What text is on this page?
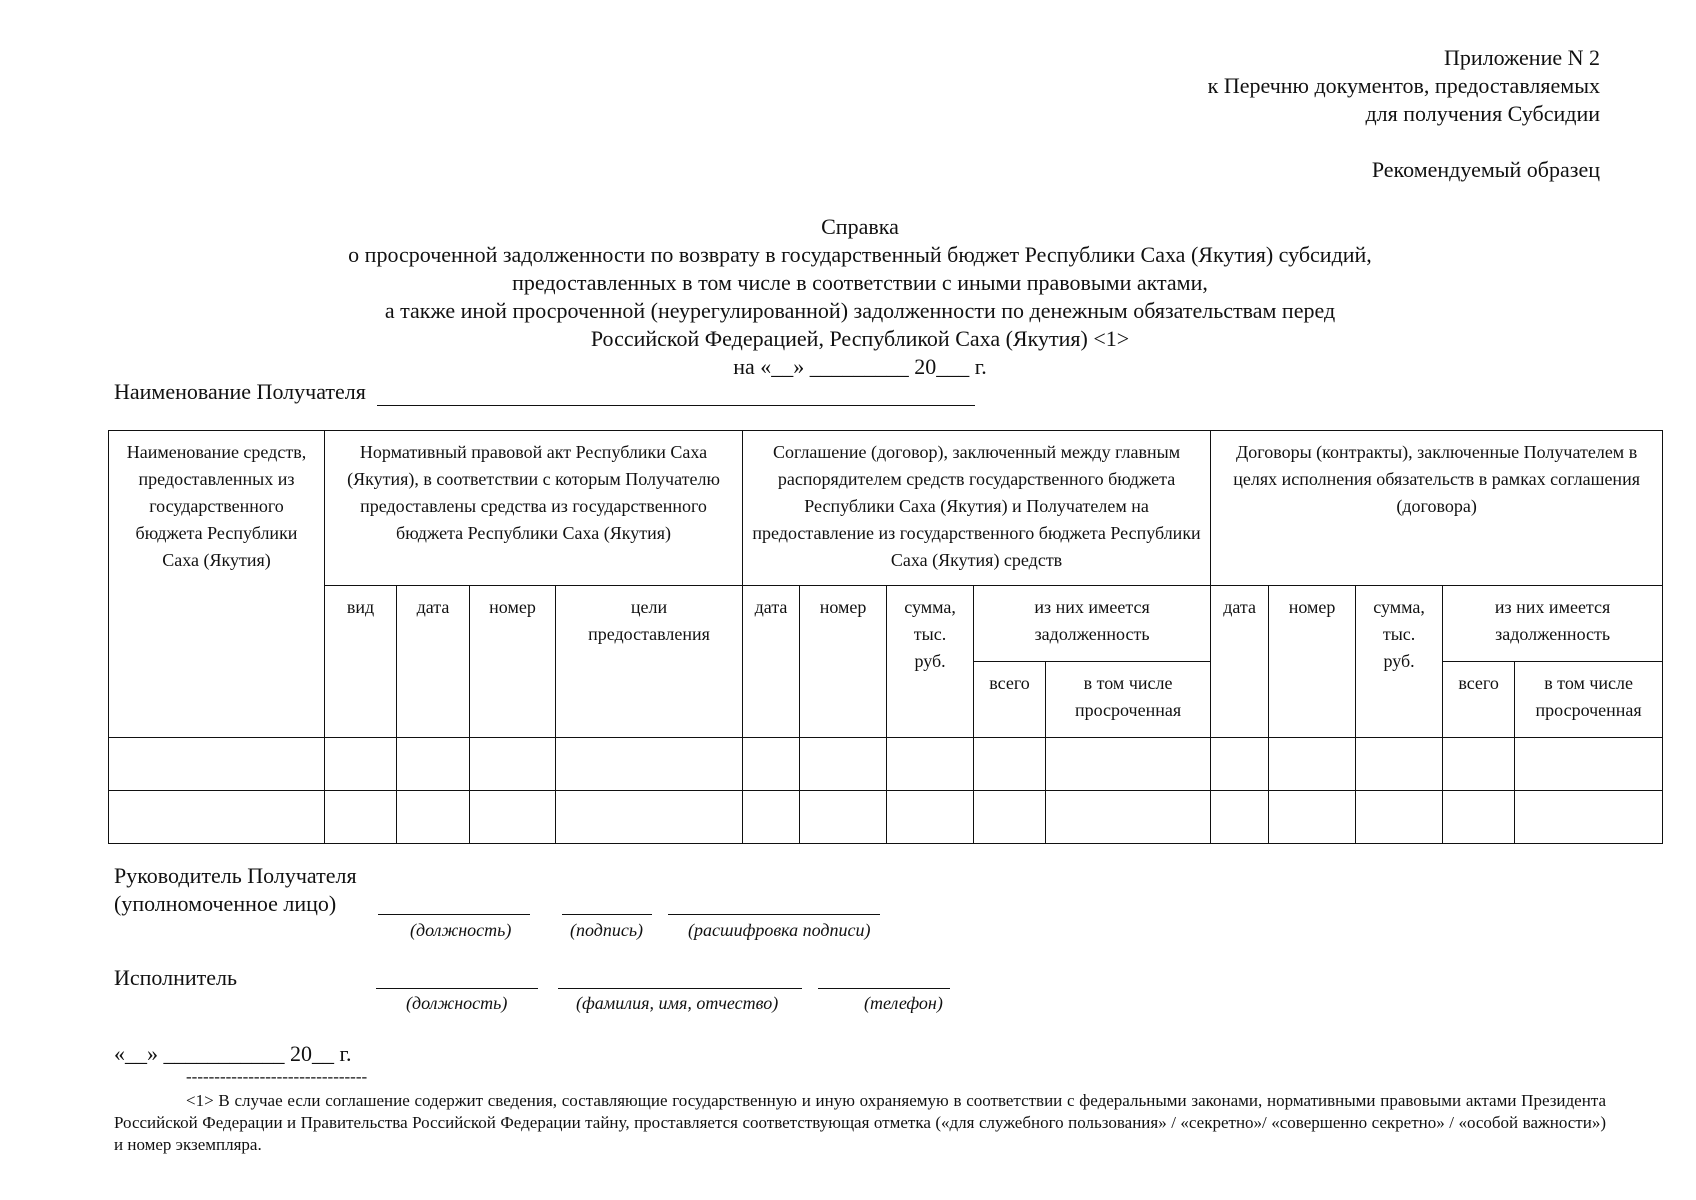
Приложение N 2
к Перечню документов, предоставляемых
для получения Субсидии
Рекомендуемый образец
Справка
о просроченной задолженности по возврату в государственный бюджет Республики Саха (Якутия) субсидий,
предоставленных в том числе в соответствии с иными правовыми актами,
а также иной просроченной (неурегулированной) задолженности по денежным обязательствам перед
Российской Федерацией, Республикой Саха (Якутия) <1>
на «__» _________ 20___ г.
Наименование Получателя
Наименование средств, предоставленных из государственного бюджета Республики Саха (Якутия)	Нормативный правовой акт Республики Саха (Якутия), в соответствии с которым Получателю предоставлены средства из государственного бюджета Республики Саха (Якутия)				Соглашение (договор), заключенный между главным распорядителем средств государственного бюджета Республики Саха (Якутия) и Получателем на предоставление из государственного бюджета Республики Саха (Якутия) средств					Договоры (контракты), заключенные Получателем в целях исполнения обязательств в рамках соглашения (договора)				
	вид	дата	номер	цели предоставления	дата	номер	сумма, тыс. руб.	из них имеется задолженность		дата	номер	сумма, тыс. руб.	из них имеется задолженность	
								всего	в том числе просроченная				всего	в том числе просроченная

Руководитель Получателя
(уполномоченное лицо)
(должность)	(подпись) (расшифровка подписи)
Исполнитель
(должность)	(фамилия, имя, отчество)	(телефон)
«__» ___________ 20__ г.
--------------------------------
<1> В случае если соглашение содержит сведения, составляющие государственную и иную охраняемую в соответствии с федеральными законами, нормативными правовыми актами Президента Российской Федерации и Правительства Российской Федерации тайну, проставляется соответствующая отметка («для служебного пользования» / «секретно»/ «совершенно секретно» / «особой важности») и номер экземпляра.
